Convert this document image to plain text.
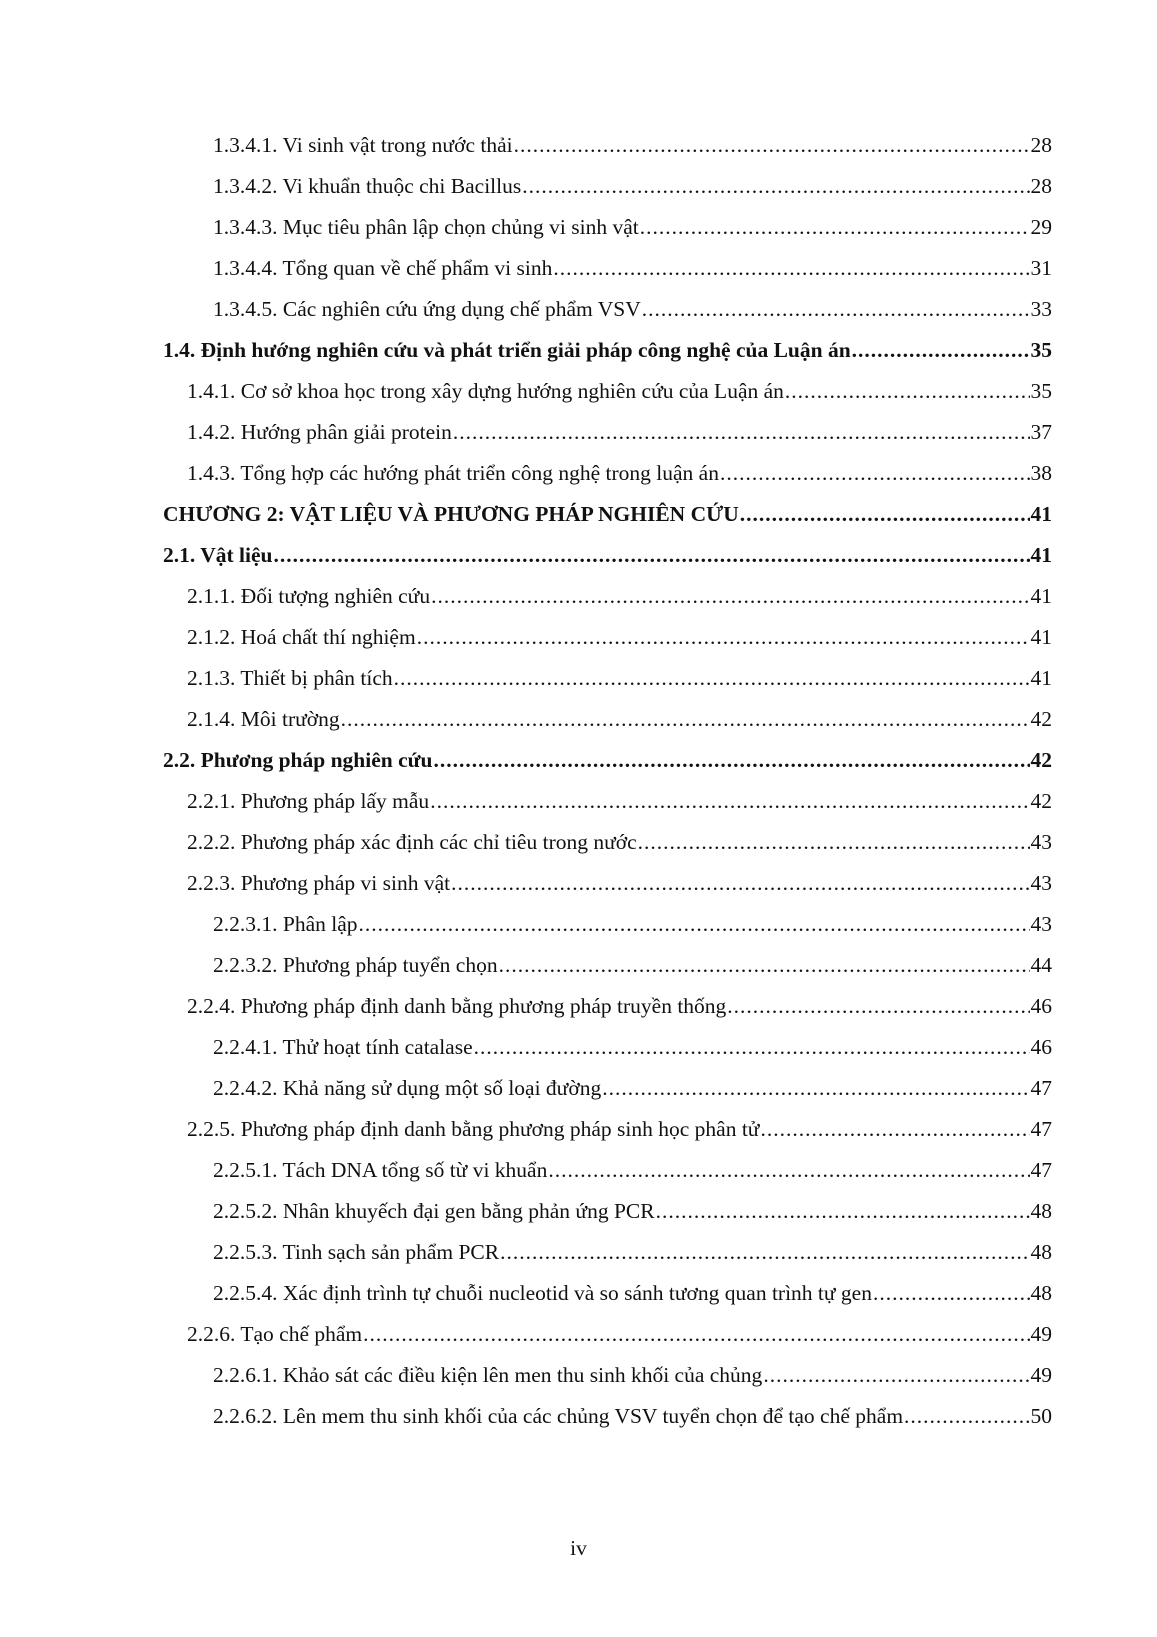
1.3.4.1. Vi sinh vật trong nước thải .....	28
1.3.4.2. Vi khuẩn thuộc chi Bacillus .....	28
1.3.4.3. Mục tiêu phân lập chọn chủng vi sinh vật .....	29
1.3.4.4. Tổng quan về chế phẩm vi sinh .....	31
1.3.4.5. Các nghiên cứu ứng dụng chế phẩm VSV .....	33
1.4. Định hướng nghiên cứu và phát triển giải pháp công nghệ của Luận án .....	35
1.4.1. Cơ sở khoa học trong xây dựng hướng nghiên cứu của Luận án .....	35
1.4.2. Hướng phân giải protein .....	37
1.4.3. Tổng hợp các hướng phát triển công nghệ trong luận án .....	38
CHƯƠNG 2: VẬT LIỆU VÀ PHƯƠNG PHÁP NGHIÊN CỨU .....	41
2.1. Vật liệu .....	41
2.1.1. Đối tượng nghiên cứu .....	41
2.1.2. Hoá chất thí nghiệm .....	41
2.1.3. Thiết bị phân tích .....	41
2.1.4. Môi trường .....	42
2.2. Phương pháp nghiên cứu .....	42
2.2.1. Phương pháp lấy mẫu .....	42
2.2.2. Phương pháp xác định các chỉ tiêu trong nước .....	43
2.2.3. Phương pháp vi sinh vật .....	43
2.2.3.1. Phân lập .....	43
2.2.3.2. Phương pháp tuyển chọn .....	44
2.2.4. Phương pháp định danh bằng phương pháp truyền thống .....	46
2.2.4.1. Thử hoạt tính catalase .....	46
2.2.4.2. Khả năng sử dụng một số loại đường .....	47
2.2.5. Phương pháp định danh bằng phương pháp sinh học phân tử .....	47
2.2.5.1. Tách DNA tổng số từ vi khuẩn .....	47
2.2.5.2. Nhân khuyếch đại gen bằng phản ứng PCR .....	48
2.2.5.3. Tinh sạch sản phẩm PCR .....	48
2.2.5.4. Xác định trình tự chuỗi nucleotid và so sánh tương quan trình tự gen .....	48
2.2.6. Tạo chế phẩm .....	49
2.2.6.1. Khảo sát các điều kiện lên men thu sinh khối của chủng .....	49
2.2.6.2. Lên mem thu sinh khối của các chủng VSV tuyển chọn để tạo chế phẩm .....	50
iv
